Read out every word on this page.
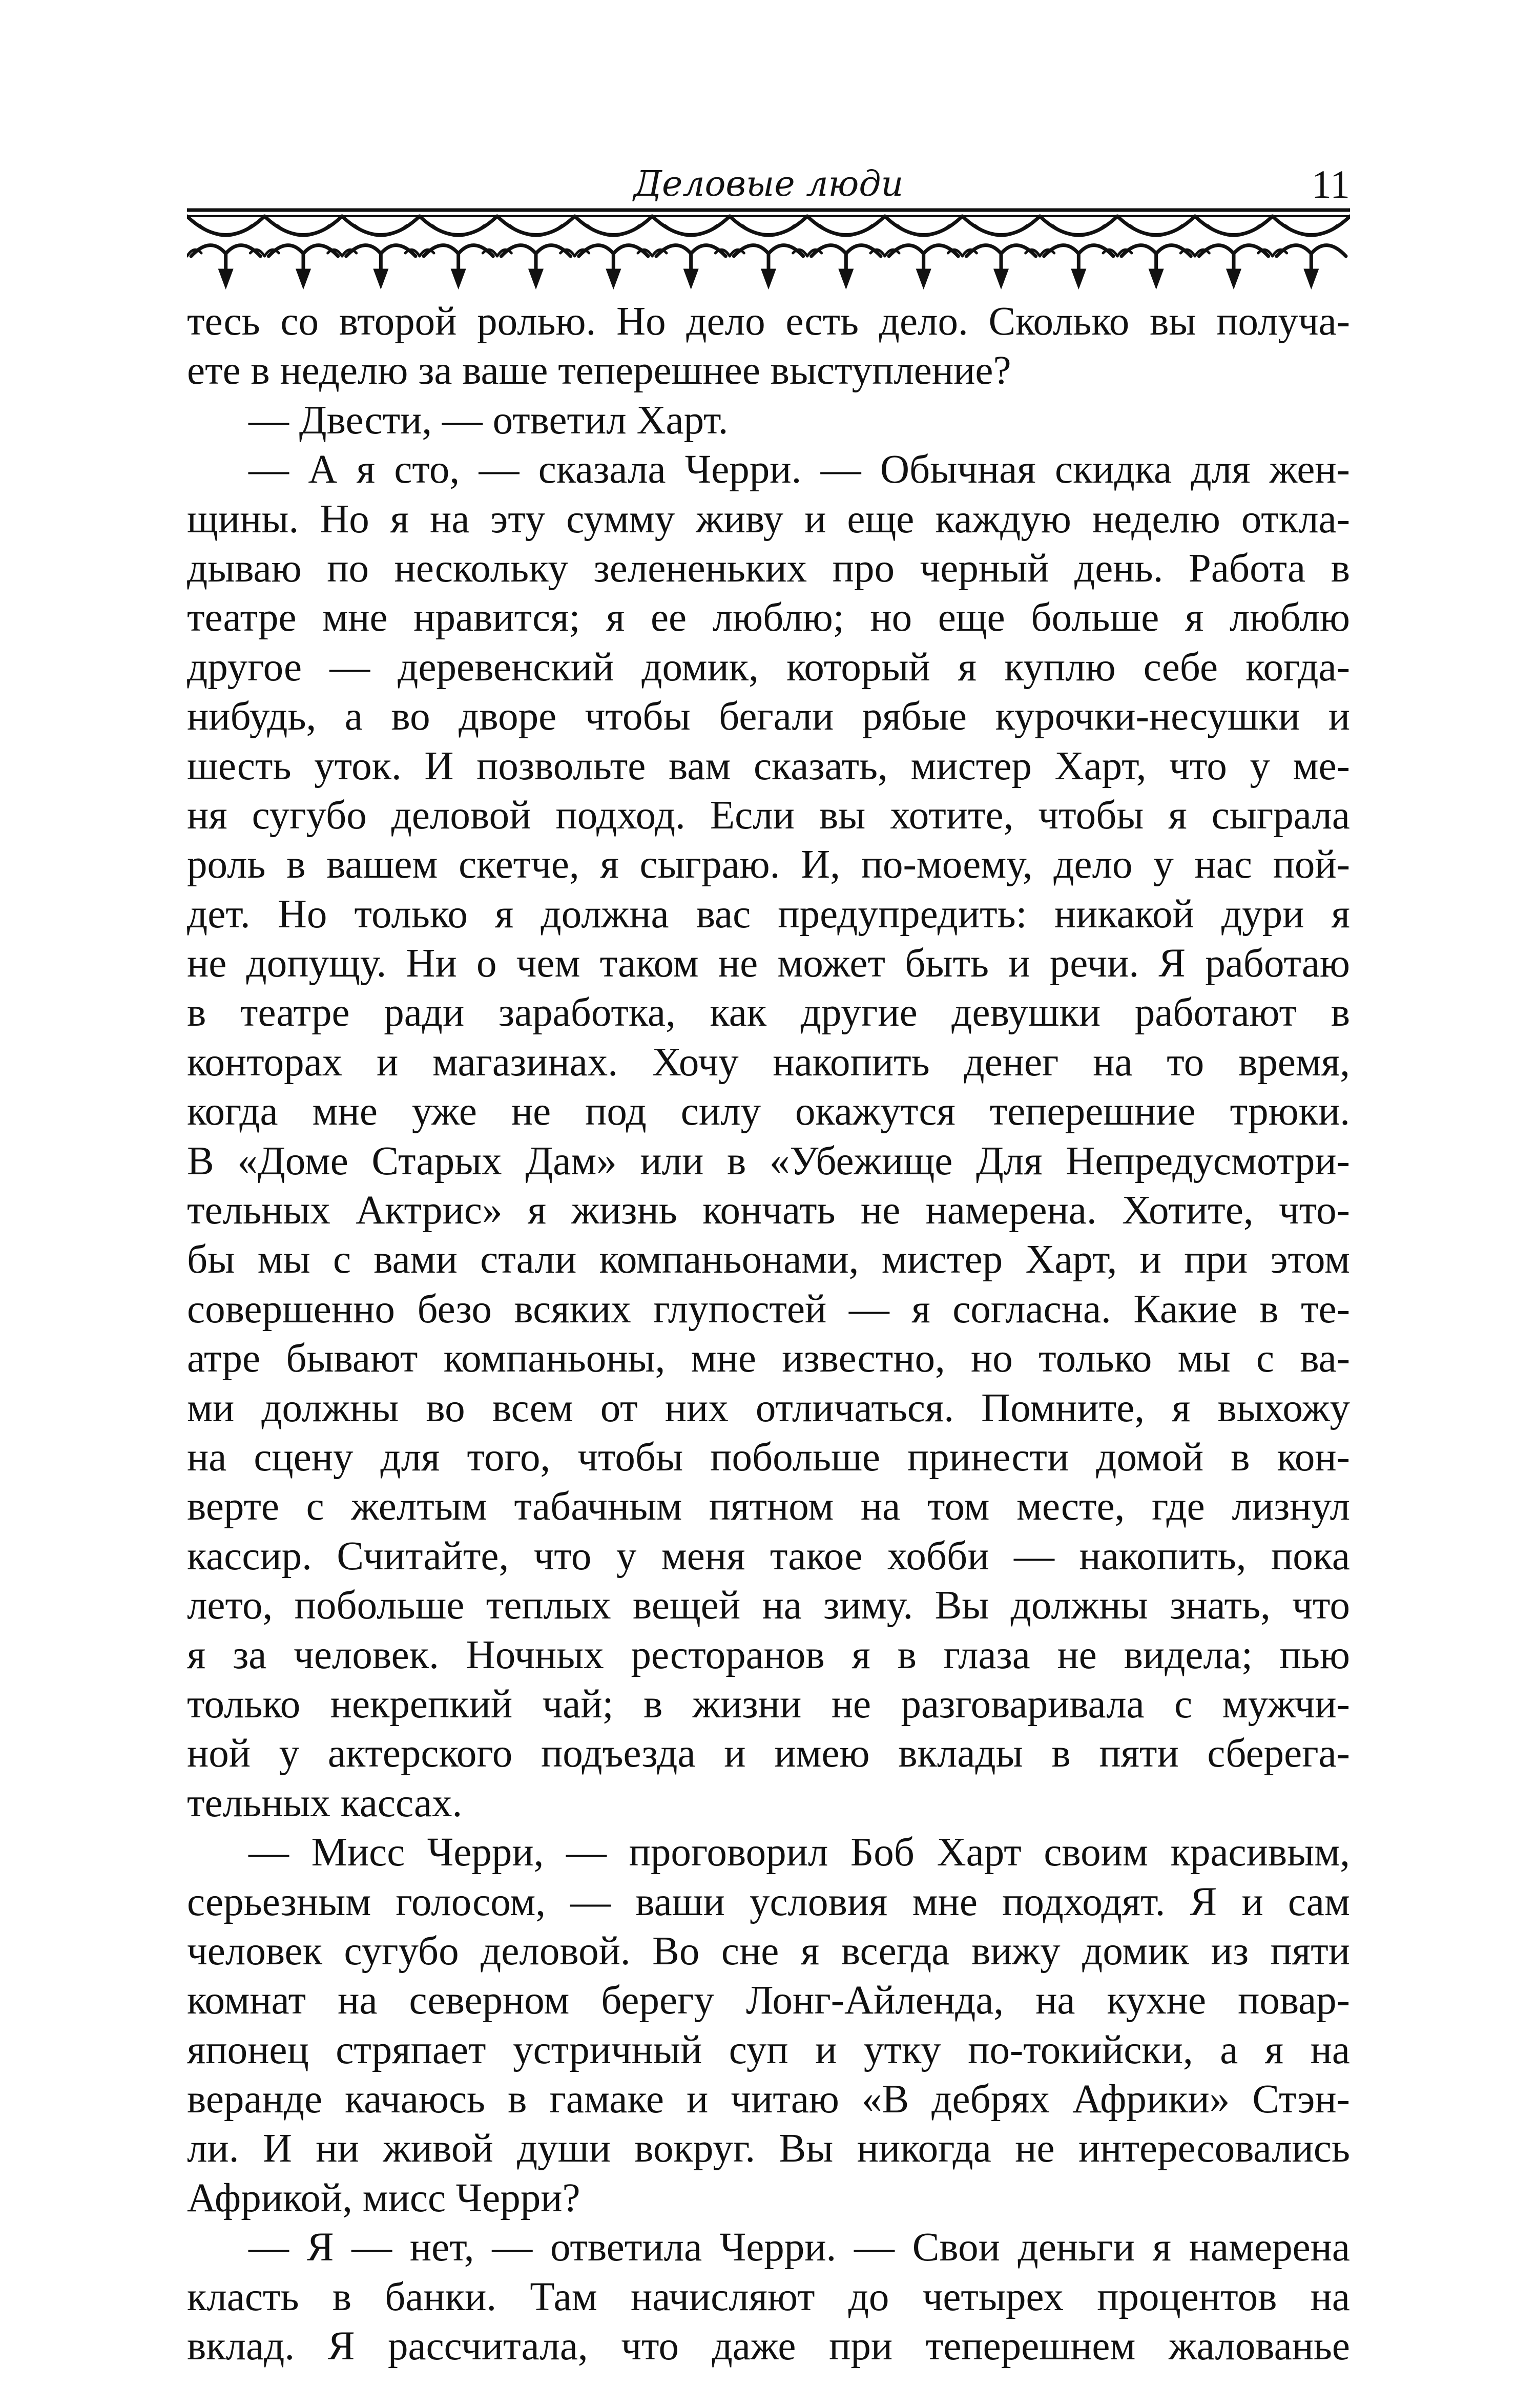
Деловые люди	11
тесь со второй ролью. Но дело есть дело. Сколько вы получа-
ете в неделю за ваше теперешнее выступление?
— Двести, — ответил Харт.
— А я сто, — сказала Черри. — Обычная скидка для жен-
щины. Но я на эту сумму живу и еще каждую неделю откла-
дываю по нескольку зелененьких про черный день. Работа в
театре мне нравится; я ее люблю; но еще больше я люблю
другое — деревенский домик, который я куплю себе когда-
нибудь, а во дворе чтобы бегали рябые курочки-несушки и
шесть уток. И позвольте вам сказать, мистер Харт, что у ме-
ня сугубо деловой подход. Если вы хотите, чтобы я сыграла
роль в вашем скетче, я сыграю. И, по-моему, дело у нас пой-
дет. Но только я должна вас предупредить: никакой дури я
не допущу. Ни о чем таком не может быть и речи. Я работаю
в театре ради заработка, как другие девушки работают в
конторах и магазинах. Хочу накопить денег на то время,
когда мне уже не под силу окажутся теперешние трюки.
В «Доме Старых Дам» или в «Убежище Для Непредусмотри-
тельных Актрис» я жизнь кончать не намерена. Хотите, что-
бы мы с вами стали компаньонами, мистер Харт, и при этом
совершенно безо всяких глупостей — я согласна. Какие в те-
атре бывают компаньоны, мне известно, но только мы с ва-
ми должны во всем от них отличаться. Помните, я выхожу
на сцену для того, чтобы побольше принести домой в кон-
верте с желтым табачным пятном на том месте, где лизнул
кассир. Считайте, что у меня такое хобби — накопить, пока
лето, побольше теплых вещей на зиму. Вы должны знать, что
я за человек. Ночных ресторанов я в глаза не видела; пью
только некрепкий чай; в жизни не разговаривала с мужчи-
ной у актерского подъезда и имею вклады в пяти сберега-
тельных кассах.
— Мисс Черри, — проговорил Боб Харт своим красивым,
серьезным голосом, — ваши условия мне подходят. Я и сам
человек сугубо деловой. Во сне я всегда вижу домик из пяти
комнат на северном берегу Лонг-Айленда, на кухне повар-
японец стряпает устричный суп и утку по-токийски, а я на
веранде качаюсь в гамаке и читаю «В дебрях Африки» Стэн-
ли. И ни живой души вокруг. Вы никогда не интересовались
Африкой, мисс Черри?
— Я — нет, — ответила Черри. — Свои деньги я намерена
класть в банки. Там начисляют до четырех процентов на
вклад. Я рассчитала, что даже при теперешнем жалованье
